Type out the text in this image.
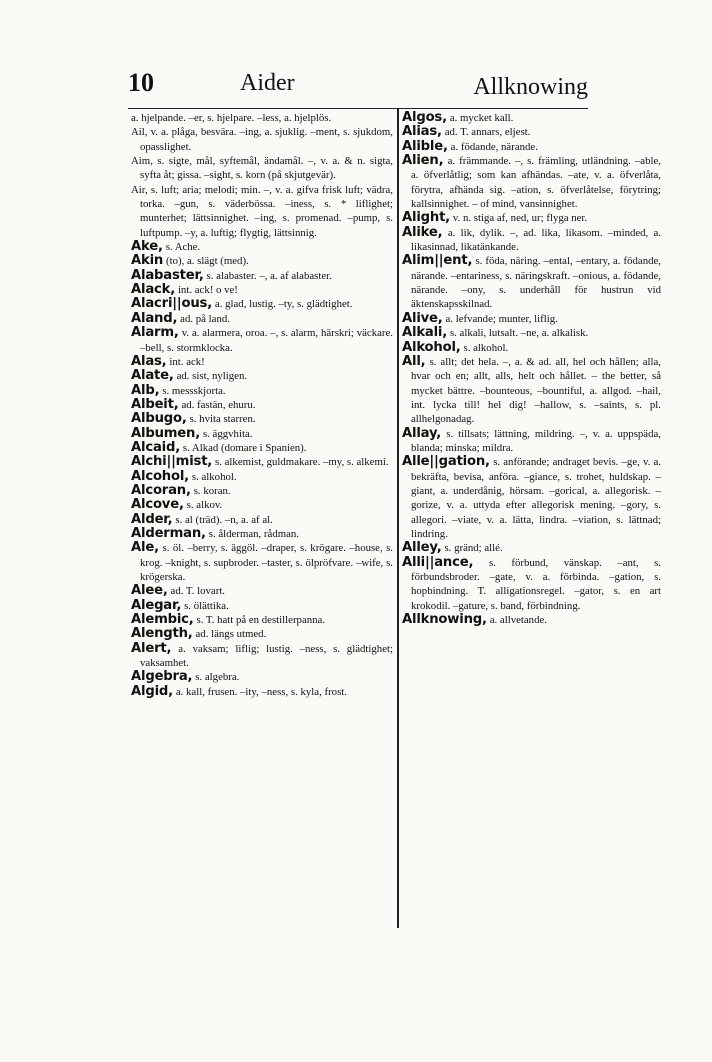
10	Aider	Allknowing

a. hjelpande. –er, s. hjelpare. –less, a. hjelplös.

Ail, v. a. plåga, besvära. –ing, a. sjuklig. –ment, s. sjukdom, opasslighet.

Aim, s. sigte, mål, syftemål, ändamål. –, v. a. & n. sigta, syfta åt; gissa. –sight, s. korn (på skjutgevär).

Air, s. luft; aria; melodi; min. –, v. a. gifva frisk luft; vädra, torka. –gun, s. väderbössa. –iness, s. * liflighet; munterhet; lättsinnighet. –ing, s. promenad. –pump, s. luftpump. –y, a. luftig; flygtig, lättsinnig.

Ake, s. Ache.

Akin (to), a. slägt (med).

Alabaster, s. alabaster. –, a. af alabaster.

Alack, int. ack! o ve!

Alacri||ous, a. glad, lustig. –ty, s. glädtighet.

Aland, ad. på land.

Alarm, v. a. alarmera, oroa. –, s. alarm, härskri; väckare. –bell, s. stormklocka.

Alas, int. ack!

Alate, ad. sist, nyligen.

Alb, s. messskjorta.

Albeit, ad. fastän, ehuru.

Albugo, s. hvita starren.

Albumen, s. äggvhita.

Alcaid, s. Alkad (domare i Spanien).

Alchi||mist, s. alkemist, guldmakare. –my, s. alkemi.

Alcohol, s. alkohol.

Alcoran, s. koran.

Alcove, s. alkov.

Alder, s. al (träd). –n, a. af al.

Alderman, s. ålderman, rådman.

Ale, s. öl. –berry, s. äggöl. –draper, s. krögare. –house, s. krog. –knight, s. supbroder. –taster, s. ölpröfvare. –wife, s. krögerska.

Alee, ad. T. lovart.

Alegar, s. ölättika.

Alembic, s. T. hatt på en destillerpanna.

Alength, ad. längs utmed.

Alert, a. vaksam; liflig; lustig. –ness, s. glädtighet; vaksamhet.

Algebra, s. algebra.

Algid, a. kall, frusen. –ity, –ness, s. kyla, frost.

Algos, a. mycket kall.

Alias, ad. T. annars, eljest.

Alible, a. födande, närande.

Alien, a. främmande. –, s. främling, utländning. –able, a. öfverlåtlig; som kan afhändas. –ate, v. a. öfverlåta, förytra, afhända sig. –ation, s. öfverlåtelse, förytring; kallsinnighet. – of mind, vansinnighet.

Alight, v. n. stiga af, ned, ur; flyga ner.

Alike, a. lik, dylik. –, ad. lika, likasom. –minded, a. likasinnad, likatänkande.

Alim||ent, s. föda, näring. –ental, –entary, a. födande, närande. –entariness, s. näringskraft. –onious, a. födande, närande. –ony, s. underhåll för hustrun vid äktenskapsskilnad.

Alive, a. lefvande; munter, liflig.

Alkali, s. alkali, lutsalt. –ne, a. alkalisk.

Alkohol, s. alkohol.

All, s. allt; det hela. –, a. & ad. all, hel och hållen; alla, hvar och en; allt, alls, helt och hållet. – the better, så mycket bättre. –bounteous, –bountiful, a. allgod. –hail, int. lycka till! hel dig! –hallow, s. –saints, s. pl. allhelgonadag.

Allay, s. tillsats; lättning, mildring. –, v. a. uppspäda, blanda; minska; mildra.

Alle||gation, s. anförande; andraget bevis. –ge, v. a. bekräfta, bevisa, anföra. –giance, s. trohet, huldskap. –giant, a. underdånig, hörsam. –gorical, a. allegorisk. –gorize, v. a. uttyda efter allegorisk mening. –gory, s. allegori. –viate, v. a. lätta, lindra. –viation, s. lättnad; lindring.

Alley, s. gränd; allé.

Alli||ance, s. förbund, vänskap. –ant, s. förbundsbroder. –gate, v. a. förbinda. –gation, s. hopbindning. T. alligationsregel. –gator, s. en art krokodil. –gature, s. band, förbindning.

Allknowing, a. allvetande.
